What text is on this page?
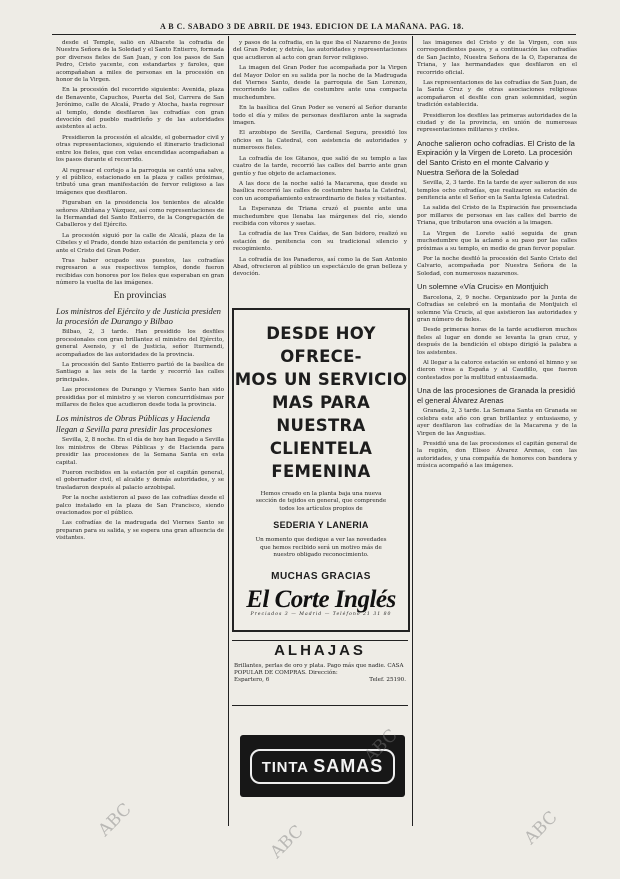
A B C. SABADO 3 DE ABRIL DE 1943. EDICION DE LA MAÑANA. PAG. 18.

desde el Temple, salió en Albacete la cofradía de Nuestra Señora de la Soledad y el Santo Entierro, formada por diversos fieles de San Juan, y con los pasos de San Pedro, Cristo yacente, con estandartes y faroles, que acompañaban a miles de personas en la procesión en honor de la Virgen.

En la procesión del recorrido siguiente: Avenida, plaza de Benavente, Capuchos, Puerta del Sol, Carrera de San Jerónimo, calle de Alcalá, Prado y Atocha, hasta regresar al templo, donde desfilaron las cofradías con gran devoción del pueblo madrileño y de las autoridades asistentes al acto.

Presidieron la procesión el alcalde, el gobernador civil y otras representaciones, siguiendo el itinerario tradicional entre los fieles, que con velas encendidas acompañaban a los pasos durante el recorrido.

Al regresar el cortejo a la parroquia se cantó una salve, y el público, estacionado en la plaza y calles próximas, tributó una gran manifestación de fervor religioso a las imágenes que desfilaron.

Figuraban en la presidencia los tenientes de alcalde señores Albiñana y Vázquez, así como representaciones de la Hermandad del Santo Entierro, de la Congregación de Caballeros y del Ejército.

La procesión siguió por la calle de Alcalá, plaza de la Cibeles y el Prado, donde hizo estación de penitencia y oró ante el Cristo del Gran Poder.

Tras haber ocupado sus puestos, las cofradías regresaron a sus respectivos templos, donde fueron recibidas con honores por los fieles que esperaban en gran número la vuelta de las imágenes.

En provincias
Los ministros del Ejército y de Justicia presiden la procesión de Durango y Bilbao

Bilbao, 2, 3 tarde. Han presidido los desfiles procesionales con gran brillantez el ministro del Ejército, general Asensio, y el de Justicia, señor Iturmendi, acompañados de las autoridades de la provincia.

La procesión del Santo Entierro partió de la basílica de Santiago a las seis de la tarde y recorrió las calles principales.

Las procesiones de Durango y Viernes Santo han sido presididas por el ministro y se vieron concurridísimas por millares de fieles que acudieron desde toda la provincia.

Los ministros de Obras Públicas y Hacienda llegan a Sevilla para presidir las procesiones

Sevilla, 2, 8 noche. En el día de hoy han llegado a Sevilla los ministros de Obras Públicas y de Hacienda para presidir las procesiones de la Semana Santa en esta capital.

Fueron recibidos en la estación por el capitán general, el gobernador civil, el alcalde y demás autoridades, y se trasladaron después al palacio arzobispal.

Por la noche asistieron al paso de las cofradías desde el palco instalado en la plaza de San Francisco, siendo ovacionados por el público.

Las cofradías de la madrugada del Viernes Santo se preparan para su salida, y se espera una gran afluencia de visitantes.

y pasos de la cofradía, en la que iba el Nazareno de Jesús del Gran Poder, y detrás, las autoridades y representaciones que acudieron al acto con gran fervor religioso.

La imagen del Gran Poder fue acompañada por la Virgen del Mayor Dolor en su salida por la noche de la Madrugada del Viernes Santo, desde la parroquia de San Lorenzo, recorriendo las calles de costumbre ante una compacta muchedumbre.

En la basílica del Gran Poder se veneró al Señor durante todo el día y miles de personas desfilaron ante la sagrada imagen.

El arzobispo de Sevilla, Cardenal Segura, presidió los oficios en la Catedral, con asistencia de autoridades y numerosos fieles.

La cofradía de los Gitanos, que salió de su templo a las cuatro de la tarde, recorrió las calles del barrio ante gran gentío y fue objeto de aclamaciones.

A las doce de la noche salió la Macarena, que desde su basílica recorrió las calles de costumbre hasta la Catedral, con un acompañamiento extraordinario de fieles y visitantes.

La Esperanza de Triana cruzó el puente ante una muchedumbre que llenaba las márgenes del río, siendo recibida con vítores y saetas.

La cofradía de las Tres Caídas, de San Isidoro, realizó su estación de penitencia con su tradicional silencio y recogimiento.

La cofradía de los Panaderos, así como la de San Antonio Abad, ofrecieron al público un espectáculo de gran belleza y devoción.

DESDE HOY OFRECE-
MOS UN SERVICIO
MAS PARA NUESTRA
CLIENTELA FEMENINA
Hemos creado en la planta baja una nueva sección de tejidos en general, que comprende todos los artículos propios de
SEDERIA Y LANERIA
Un momento que dedique a ver las novedades que hemos recibido será un motivo más de nuestro obligado reconocimiento.
MUCHAS GRACIAS
El Corte Inglés
Preciados 3 — Madrid — Teléfono 21 31 80
ALHAJAS
Brillantes, perlas de oro y plata. Pago más que nadie. CASA POPULAR DE COMPRAS. Dirección:
Espartero, 6	Telef. 25190.
TINTA SAMAS

las imágenes del Cristo y de la Virgen, con sus correspondientes pasos, y a continuación las cofradías de San Jacinto, Nuestra Señora de la O, Esperanza de Triana, y las hermandades que desfilaron en el recorrido oficial.

Las representaciones de las cofradías de San Juan, de la Santa Cruz y de otras asociaciones religiosas acompañaron el desfile con gran solemnidad, según tradición establecida.

Presidieron los desfiles las primeras autoridades de la ciudad y de la provincia, en unión de numerosas representaciones militares y civiles.

Anoche salieron ocho cofradías. El Cristo de la Expiración y la Virgen de Loreto. La procesión del Santo Cristo en el monte Calvario y Nuestra Señora de la Soledad

Sevilla, 2, 3 tarde. En la tarde de ayer salieron de sus templos ocho cofradías, que realizaron su estación de penitencia ante el Señor en la Santa Iglesia Catedral.

La salida del Cristo de la Expiración fue presenciada por millares de personas en las calles del barrio de Triana, que tributaron una ovación a la imagen.

La Virgen de Loreto salió seguida de gran muchedumbre que la aclamó a su paso por las calles próximas a su templo, en medio de gran fervor popular.

Por la noche desfiló la procesión del Santo Cristo del Calvario, acompañada por Nuestra Señora de la Soledad, con numerosos nazarenos.

Un solemne «Vía Crucis» en Montjuich

Barcelona, 2, 9 noche. Organizado por la Junta de Cofradías se celebró en la montaña de Montjuich el solemne Vía Crucis, al que asistieron las autoridades y gran número de fieles.

Desde primeras horas de la tarde acudieron muchos fieles al lugar en donde se levanta la gran cruz, y después de la bendición el obispo dirigió la palabra a los asistentes.

Al llegar a la catorce estación se entonó el himno y se dieron vivas a España y al Caudillo, que fueron contestados por la multitud entusiasmada.

Una de las procesiones de Granada la presidió el general Álvarez Arenas

Granada, 2, 3 tarde. La Semana Santa en Granada se celebra este año con gran brillantez y entusiasmo, y ayer desfilaron las cofradías de la Macarena y de la Virgen de las Angustias.

Presidió una de las procesiones el capitán general de la región, don Eliseo Álvarez Arenas, con las autoridades, y una compañía de honores con bandera y música acompañó a las imágenes.

ABC
ABC
ABC
ABC
